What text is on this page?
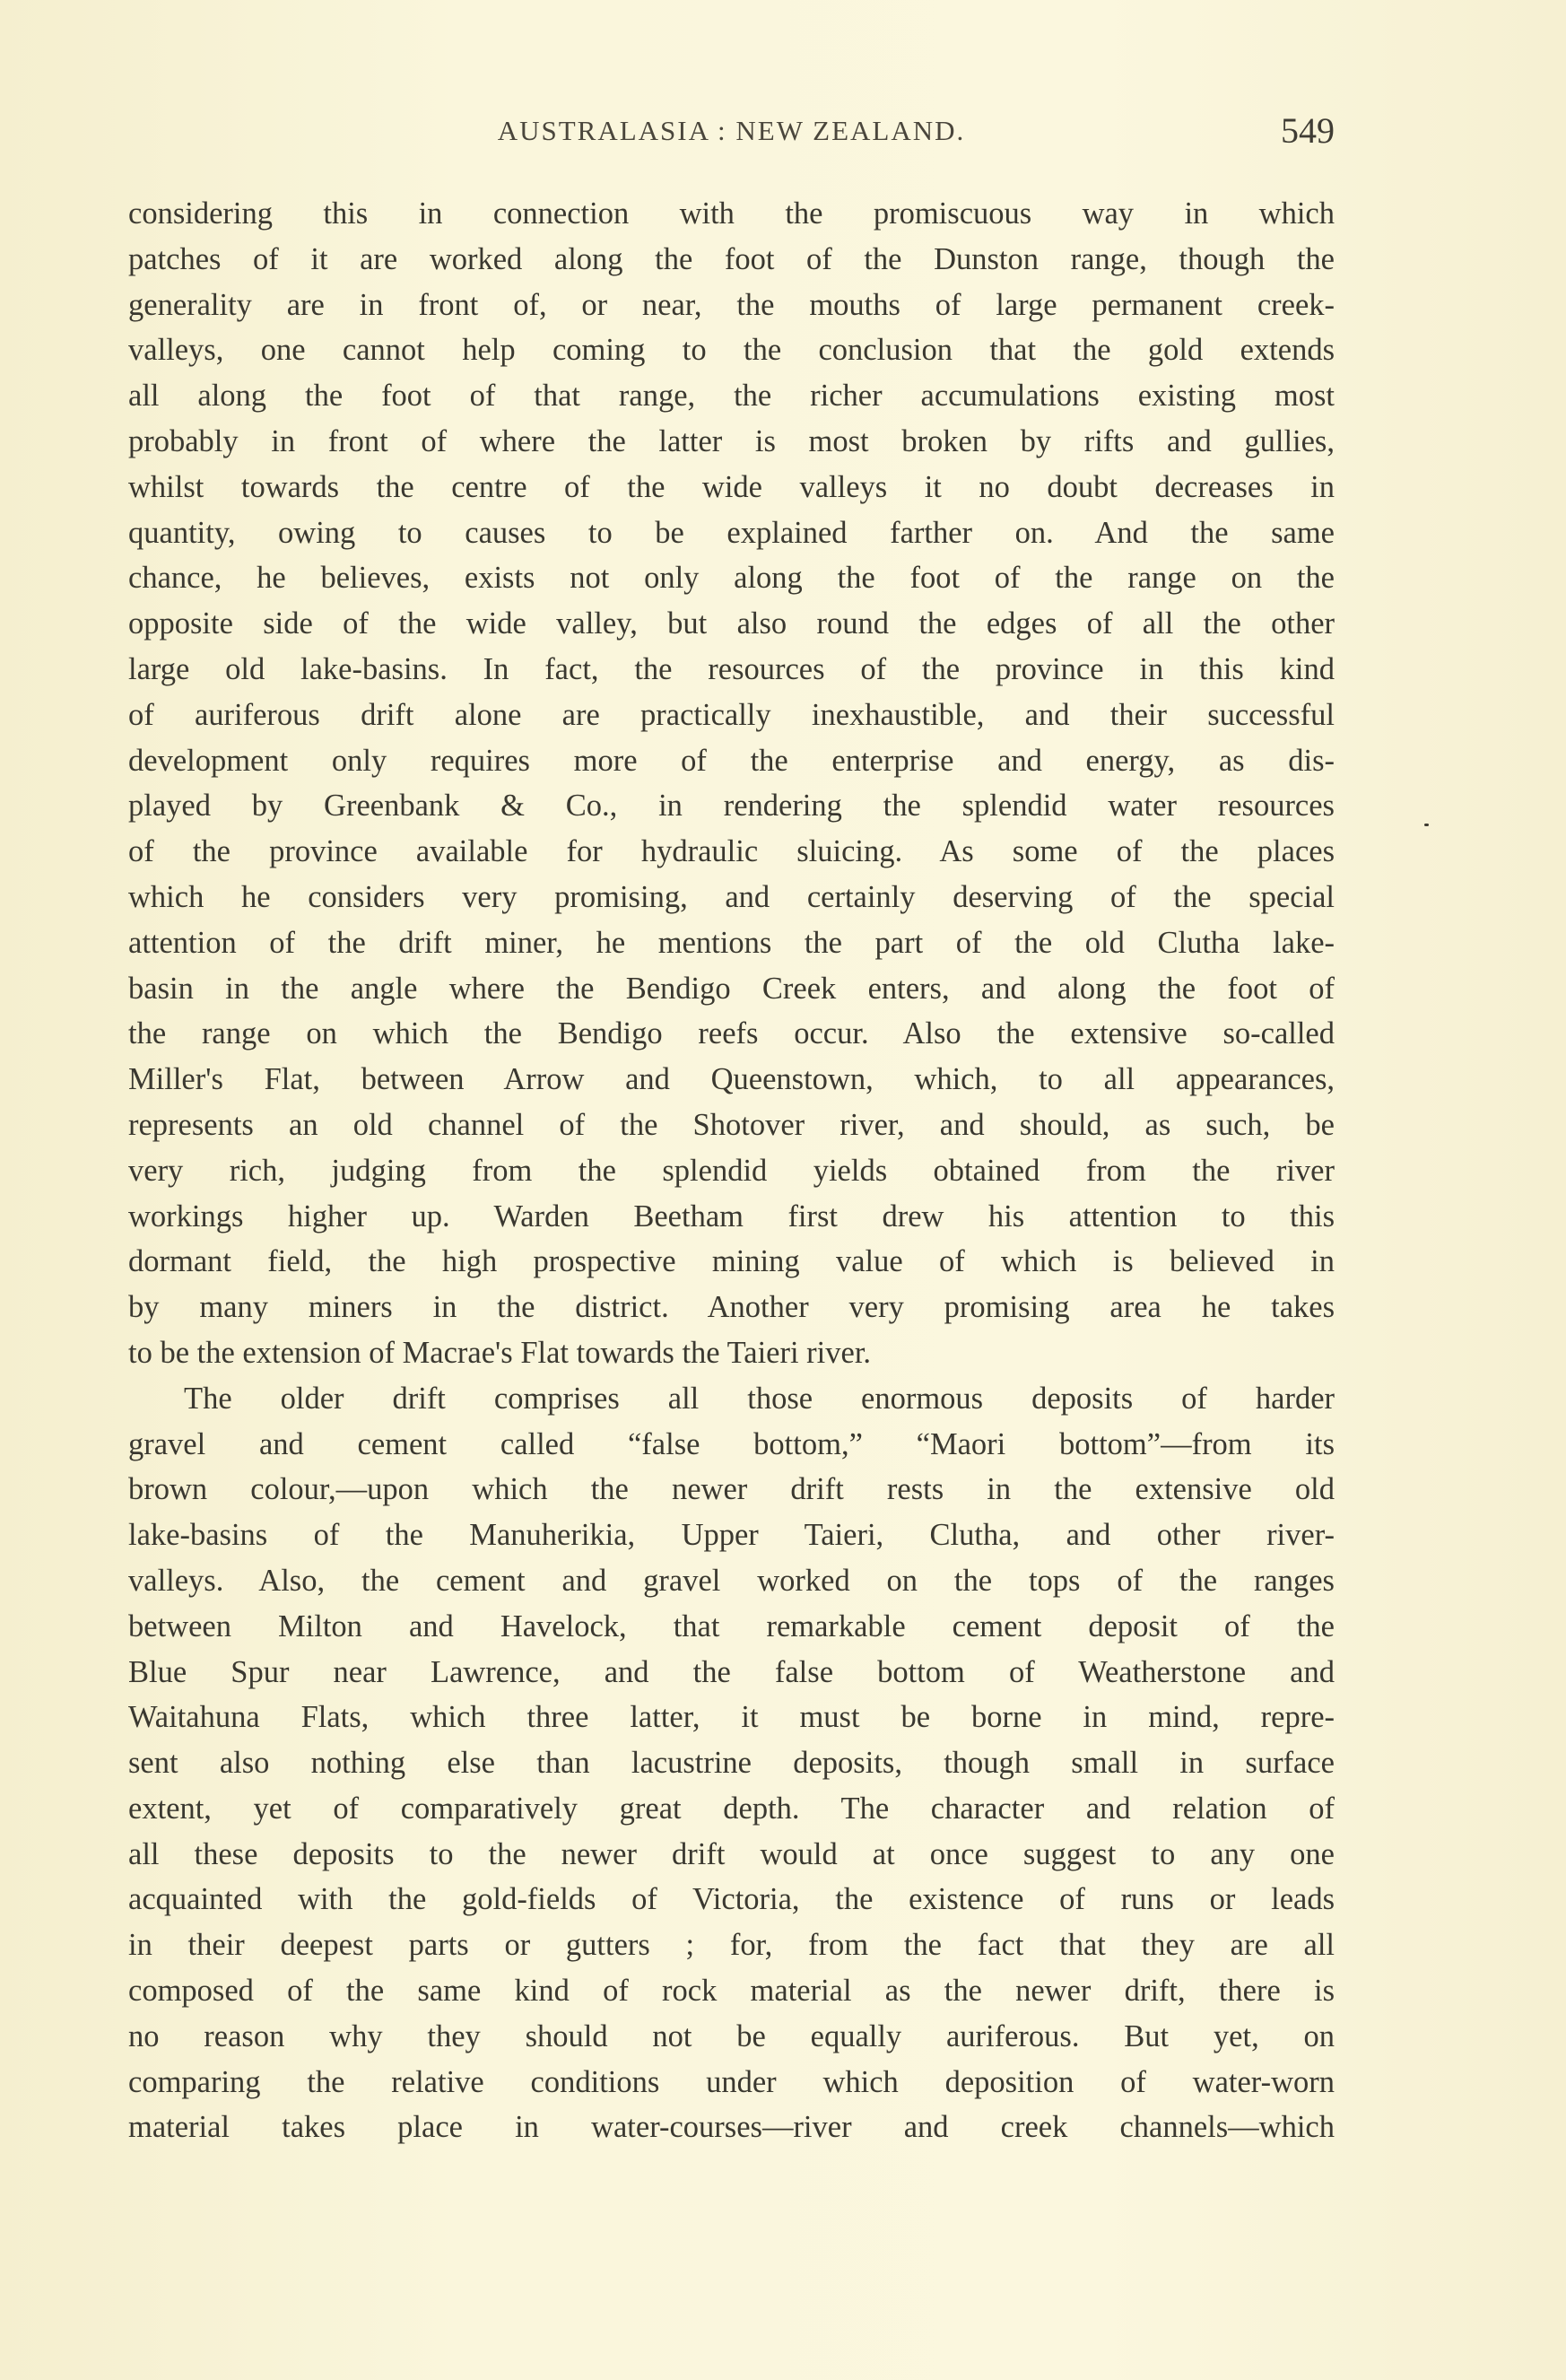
AUSTRALASIA : NEW ZEALAND.	549
considering this in connection with the promiscuous way in which
patches of it are worked along the foot of the Dunston range, though the
generality are in front of, or near, the mouths of large permanent creek-
valleys, one cannot help coming to the conclusion that the gold extends
all along the foot of that range, the richer accumulations existing most
probably in front of where the latter is most broken by rifts and gullies,
whilst towards the centre of the wide valleys it no doubt decreases in
quantity, owing to causes to be explained farther on. And the same
chance, he believes, exists not only along the foot of the range on the
opposite side of the wide valley, but also round the edges of all the other
large old lake-basins. In fact, the resources of the province in this kind
of auriferous drift alone are practically inexhaustible, and their successful
development only requires more of the enterprise and energy, as dis-
played by Greenbank & Co., in rendering the splendid water resources
of the province available for hydraulic sluicing. As some of the places
which he considers very promising, and certainly deserving of the special
attention of the drift miner, he mentions the part of the old Clutha lake-
basin in the angle where the Bendigo Creek enters, and along the foot of
the range on which the Bendigo reefs occur. Also the extensive so-called
Miller's Flat, between Arrow and Queenstown, which, to all appearances,
represents an old channel of the Shotover river, and should, as such, be
very rich, judging from the splendid yields obtained from the river
workings higher up. Warden Beetham first drew his attention to this
dormant field, the high prospective mining value of which is believed in
by many miners in the district. Another very promising area he takes
to be the extension of Macrae's Flat towards the Taieri river.
The older drift comprises all those enormous deposits of harder
gravel and cement called “false bottom,” “Maori bottom”—from its
brown colour,—upon which the newer drift rests in the extensive old
lake-basins of the Manuherikia, Upper Taieri, Clutha, and other river-
valleys. Also, the cement and gravel worked on the tops of the ranges
between Milton and Havelock, that remarkable cement deposit of the
Blue Spur near Lawrence, and the false bottom of Weatherstone and
Waitahuna Flats, which three latter, it must be borne in mind, repre-
sent also nothing else than lacustrine deposits, though small in surface
extent, yet of comparatively great depth. The character and relation of
all these deposits to the newer drift would at once suggest to any one
acquainted with the gold-fields of Victoria, the existence of runs or leads
in their deepest parts or gutters ; for, from the fact that they are all
composed of the same kind of rock material as the newer drift, there is
no reason why they should not be equally auriferous. But yet, on
comparing the relative conditions under which deposition of water-worn
material takes place in water-courses—river and creek channels—which
